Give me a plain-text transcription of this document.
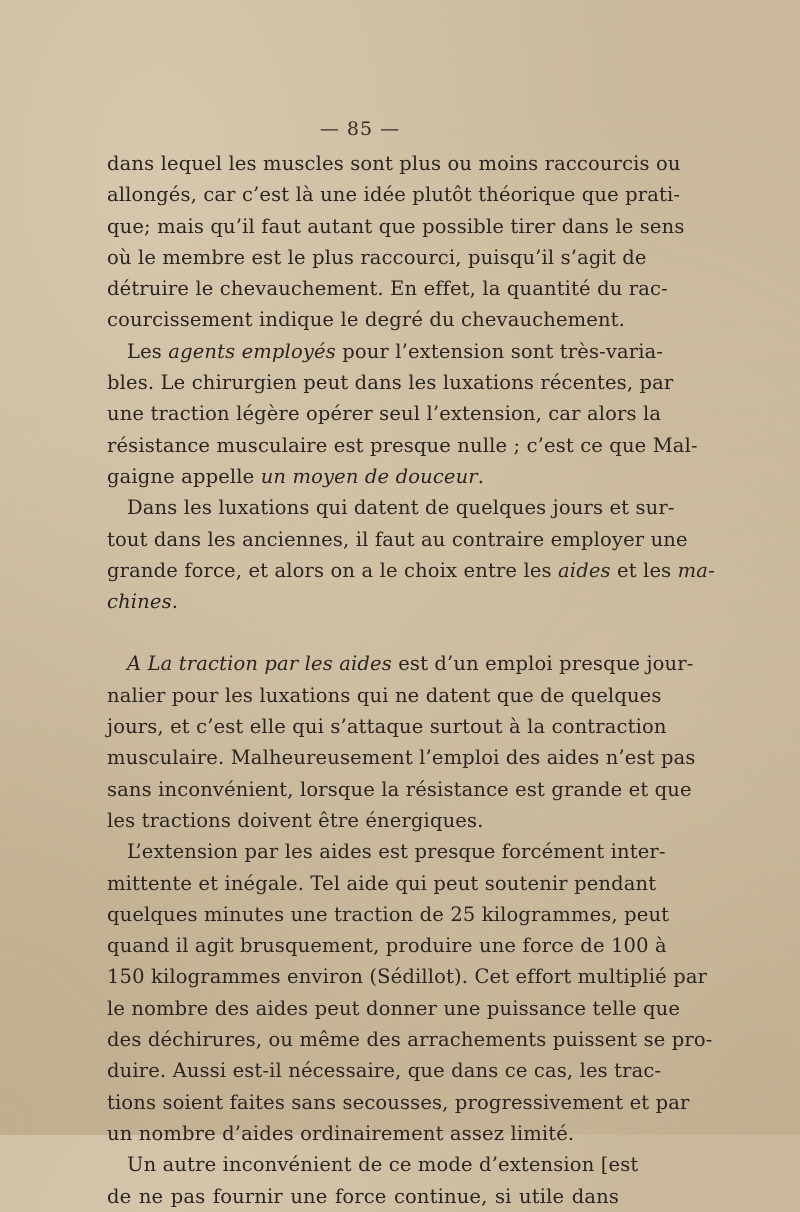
— 85 —
dans lequel les muscles sont plus ou moins raccourcis ou
allongés, car c’est là une idée plutôt théorique que prati-
que; mais qu’il faut autant que possible tirer dans le sens
où le membre est le plus raccourci, puisqu’il s’agit de
détruire le chevauchement. En effet, la quantité du rac-
courcissement indique le degré du chevauchement.
Les agents employés pour l’extension sont très-varia-
bles. Le chirurgien peut dans les luxations récentes, par
une traction légère opérer seul l’extension, car alors la
résistance musculaire est presque nulle ; c’est ce que Mal-
gaigne appelle un moyen de douceur.
Dans les luxations qui datent de quelques jours et sur-
tout dans les anciennes, il faut au contraire employer une
grande force, et alors on a le choix entre les aides et les ma-
chines.
A La traction par les aides est d’un emploi presque jour-
nalier pour les luxations qui ne datent que de quelques
jours, et c’est elle qui s’attaque surtout à la contraction
musculaire. Malheureusement l’emploi des aides n’est pas
sans inconvénient, lorsque la résistance est grande et que
les tractions doivent être énergiques.
L’extension par les aides est presque forcément inter-
mittente et inégale. Tel aide qui peut soutenir pendant
quelques minutes une traction de 25 kilogrammes, peut
quand il agit brusquement, produire une force de 100 à
150 kilogrammes environ (Sédillot). Cet effort multiplié par
le nombre des aides peut donner une puissance telle que
des déchirures, ou même des arrachements puissent se pro-
duire. Aussi est-il nécessaire, que dans ce cas, les trac-
tions soient faites sans secousses, progressivement et par
un nombre d’aides ordinairement assez limité.
Un autre inconvénient de ce mode d’extension [est
de ne pas fournir une force continue, si utile dans
